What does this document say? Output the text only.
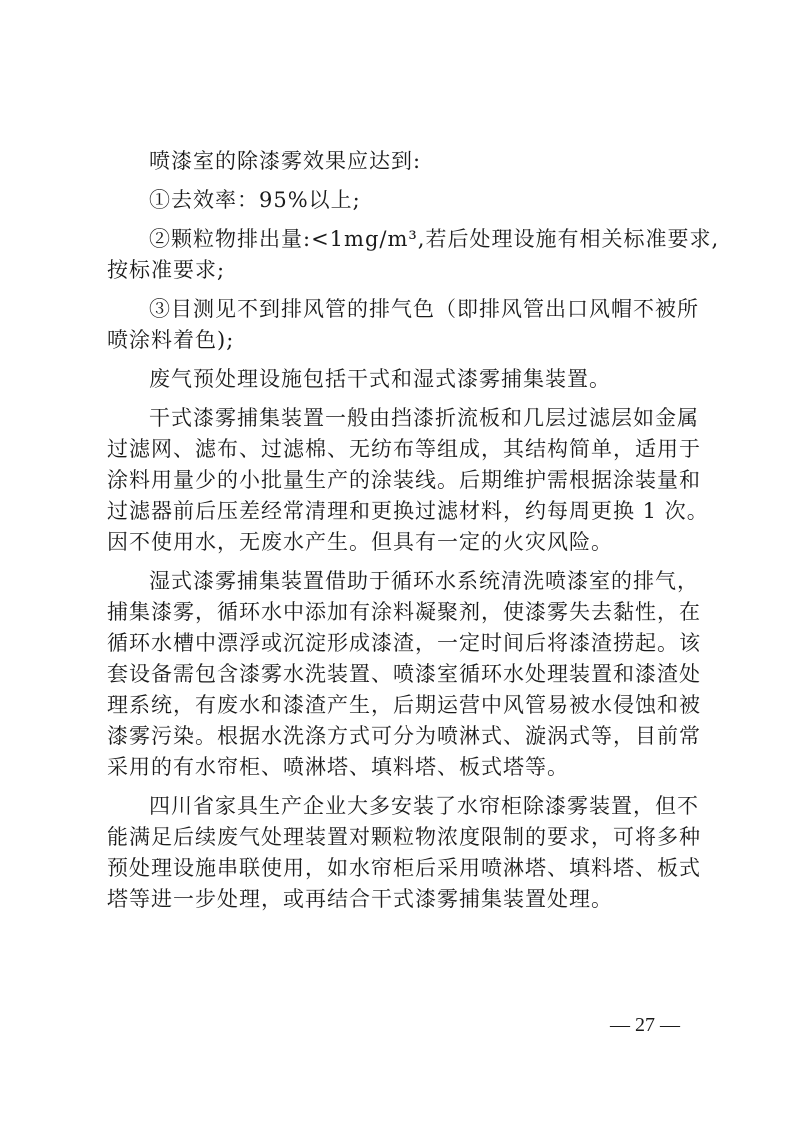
喷漆室的除漆雾效果应达到:

①去效率：95%以上;

②颗粒物排出量:<1mg/m³,若后处理设施有相关标准要求,

按标准要求;

③目测见不到排风管的排气色（即排风管出口风帽不被所

喷涂料着色);

废气预处理设施包括干式和湿式漆雾捕集装置。

干式漆雾捕集装置一般由挡漆折流板和几层过滤层如金属

过滤网、滤布、过滤棉、无纺布等组成，其结构简单，适用于

涂料用量少的小批量生产的涂装线。后期维护需根据涂装量和

过滤器前后压差经常清理和更换过滤材料，约每周更换 1 次。

因不使用水，无废水产生。但具有一定的火灾风险。

湿式漆雾捕集装置借助于循环水系统清洗喷漆室的排气，

捕集漆雾，循环水中添加有涂料凝聚剂，使漆雾失去黏性，在

循环水槽中漂浮或沉淀形成漆渣，一定时间后将漆渣捞起。该

套设备需包含漆雾水洗装置、喷漆室循环水处理装置和漆渣处

理系统，有废水和漆渣产生，后期运营中风管易被水侵蚀和被

漆雾污染。根据水洗涤方式可分为喷淋式、漩涡式等，目前常

采用的有水帘柜、喷淋塔、填料塔、板式塔等。

四川省家具生产企业大多安装了水帘柜除漆雾装置，但不

能满足后续废气处理装置对颗粒物浓度限制的要求，可将多种

预处理设施串联使用，如水帘柜后采用喷淋塔、填料塔、板式

塔等进一步处理，或再结合干式漆雾捕集装置处理。

— 27 —
